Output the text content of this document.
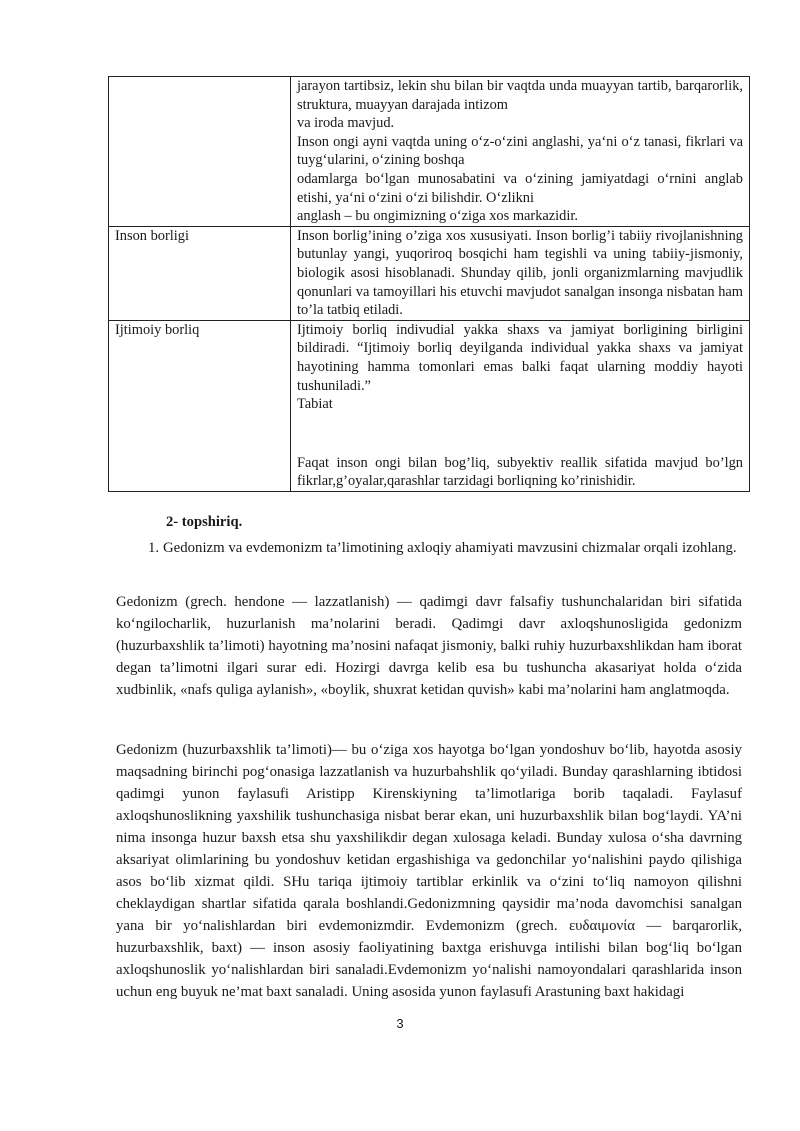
	jarayon tartibsiz, lekin shu bilan bir vaqtda unda muayyan tartib, barqarorlik, struktura, muayyan darajada intizom
va iroda mavjud.
Inson ongi ayni vaqtda uning oʻz-oʻzini anglashi, yaʻni oʻz tanasi, fikrlari va tuygʻularini, oʻzining boshqa
odamlarga boʻlgan munosabatini va oʻzining jamiyatdagi oʻrnini anglab etishi, yaʻni oʻzini oʻzi bilishdir. Oʻzlikni
anglash – bu ongimizning oʻziga xos markazidir.

Inson borligi	Inson borlig’ining o’ziga xos xususiyati. Inson borlig’i tabiiy rivojlanishning butunlay yangi, yuqoriroq bosqichi ham tegishli va uning tabiiy-jismoniy, biologik asosi hisoblanadi. Shunday qilib, jonli organizmlarning mavjudlik qonunlari va tamoyillari his etuvchi mavjudot sanalgan insonga nisbatan ham to’la tatbiq etiladi.

Ijtimoiy borliq	Ijtimoiy borliq indivudial yakka shaxs va jamiyat borligining birligini bildiradi. “Ijtimoiy borliq deyilganda individual yakka shaxs va jamiyat hayotining hamma tomonlari emas balki faqat ularning moddiy hayoti tushuniladi.”
Tabiat
Faqat inson ongi bilan bog’liq, subyektiv reallik sifatida mavjud bo’lgn fikrlar,g’oyalar,qarashlar tarzidagi borliqning ko’rinishidir.
2- topshiriq.
1. Gedonizm va evdemonizm ta’limotining axloqiy ahamiyati mavzusini chizmalar orqali izohlang.

Gedonizm (grech. hendone — lazzatlanish) — qadimgi davr falsafiy tushunchalaridan biri sifatida koʻngilocharlik, huzurlanish ma’nolarini beradi. Qadimgi davr axloqshunosligida gedonizm (huzurbaxshlik ta’limoti) hayotning ma’nosini nafaqat jismoniy, balki ruhiy huzurbaxshlikdan ham iborat degan ta’limotni ilgari surar edi. Hozirgi davrga kelib esa bu tushuncha akasariyat holda oʻzida xudbinlik, «nafs quliga aylanish», «boylik, shuxrat ketidan quvish» kabi ma’nolarini ham anglatmoqda.

Gedonizm (huzurbaxshlik ta’limoti)— bu oʻziga xos hayotga boʻlgan yondoshuv boʻlib, hayotda asosiy maqsadning birinchi pogʻonasiga lazzatlanish va huzurbahshlik qoʻyiladi. Bunday qarashlarning ibtidosi qadimgi yunon faylasufi Aristipp Kirenskiyning ta’limotlariga borib taqaladi. Faylasuf axloqshunoslikning yaxshilik tushunchasiga nisbat berar ekan, uni huzurbaxshlik bilan bogʻlaydi. YA’ni nima insonga huzur baxsh etsa shu yaxshilikdir degan xulosaga keladi. Bunday xulosa oʻsha davrning aksariyat olimlarining bu yondoshuv ketidan ergashishiga va gedonchilar yoʻnalishini paydo qilishiga asos boʻlib xizmat qildi. SHu tariqa ijtimoiy tartiblar erkinlik va oʻzini toʻliq namoyon qilishni cheklaydigan shartlar sifatida qarala boshlandi.Gedonizmning qaysidir ma’noda davomchisi sanalgan yana bir yoʻnalishlardan biri evdemonizmdir. Evdemonizm (grech. ευδαιμονία — barqarorlik, huzurbaxshlik, baxt) — inson asosiy faoliyatining baxtga erishuvga intilishi bilan bogʻliq boʻlgan axloqshunoslik yoʻnalishlardan biri sanaladi.Evdemonizm yoʻnalishi namoyondalari qarashlarida inson uchun eng buyuk ne’mat baxt sanaladi. Uning asosida yunon faylasufi Arastuning baxt hakidagi

3
